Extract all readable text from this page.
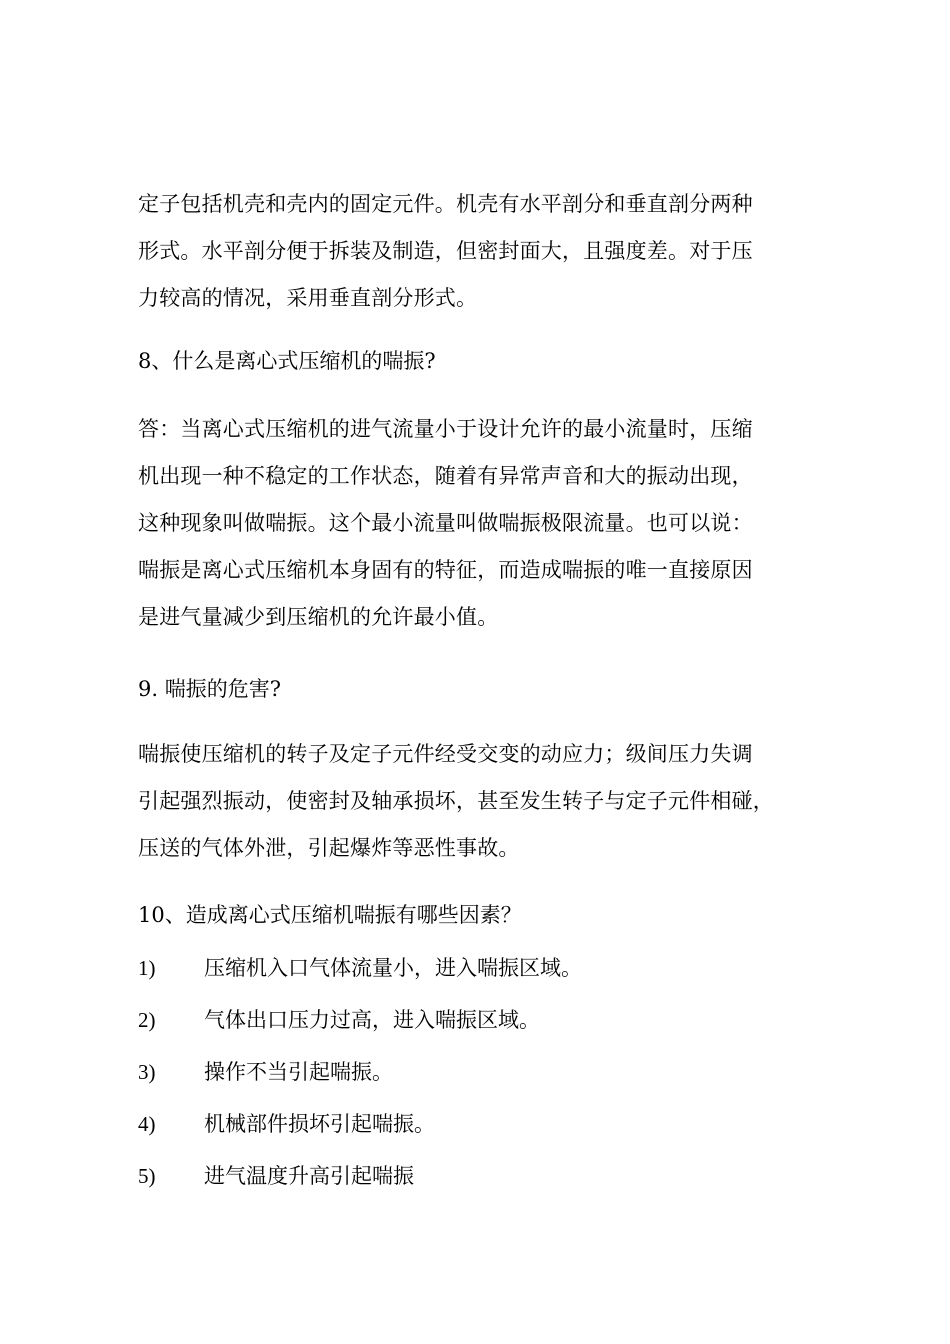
定子包括机壳和壳内的固定元件。机壳有水平剖分和垂直剖分两种
形式。水平剖分便于拆装及制造，但密封面大，且强度差。对于压
力较高的情况，采用垂直剖分形式。

8、什么是离心式压缩机的喘振?

答：当离心式压缩机的进气流量小于设计允许的最小流量时，压缩
机出现一种不稳定的工作状态，随着有异常声音和大的振动出现，
这种现象叫做喘振。这个最小流量叫做喘振极限流量。也可以说：
喘振是离心式压缩机本身固有的特征，而造成喘振的唯一直接原因
是进气量减少到压缩机的允许最小值。

9. 喘振的危害?

喘振使压缩机的转子及定子元件经受交变的动应力；级间压力失调
引起强烈振动，使密封及轴承损坏，甚至发生转子与定子元件相碰，
压送的气体外泄，引起爆炸等恶性事故。

10、造成离心式压缩机喘振有哪些因素？
1) 压缩机入口气体流量小，进入喘振区域。
2) 气体出口压力过高，进入喘振区域。
3) 操作不当引起喘振。
4) 机械部件损坏引起喘振。
5) 进气温度升高引起喘振
